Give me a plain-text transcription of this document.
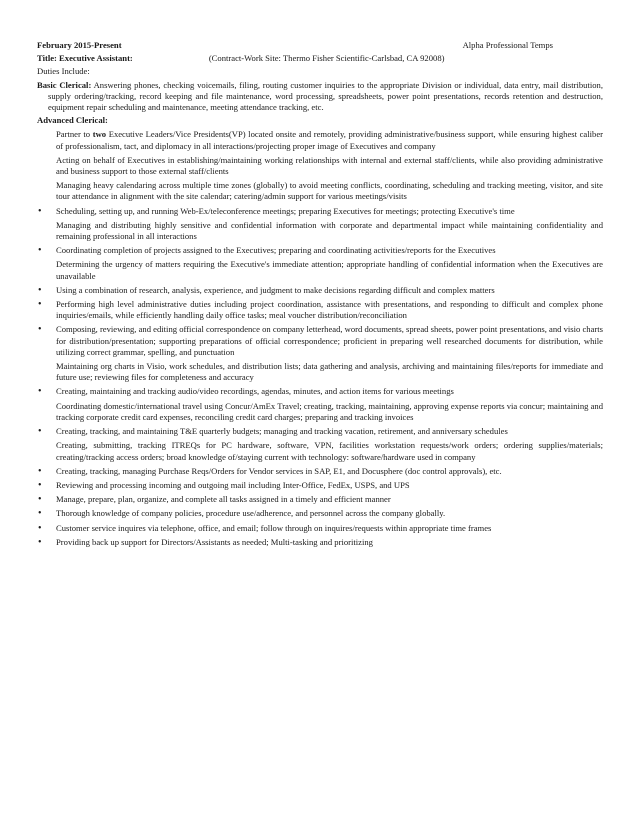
February 2015-Present	Alpha Professional Temps
Title: Executive Assistant:	(Contract-Work Site: Thermo Fisher Scientific-Carlsbad, CA 92008)
Duties Include:
Basic Clerical: Answering phones, checking voicemails, filing, routing customer inquiries to the appropriate Division or individual, data entry, mail distribution, supply ordering/tracking, record keeping and file maintenance, word processing, spreadsheets, power point presentations, records retention and destruction, equipment repair scheduling and maintenance, meeting attendance tracking, etc.
Advanced Clerical:
Partner to two Executive Leaders/Vice Presidents(VP) located onsite and remotely, providing administrative/business support, while ensuring highest caliber of professionalism, tact, and diplomacy in all interactions/projecting proper image of Executives and company
Acting on behalf of Executives in establishing/maintaining working relationships with internal and external staff/clients, while also providing administrative and business support to those external staff/clients
Managing heavy calendaring across multiple time zones (globally) to avoid meeting conflicts, coordinating, scheduling and tracking meeting, visitor, and site tour attendance in alignment with the site calendar; catering/admin support for various meetings/visits
• Scheduling, setting up, and running Web-Ex/teleconference meetings; preparing Executives for meetings; protecting Executive's time
Managing and distributing highly sensitive and confidential information with corporate and departmental impact while maintaining confidentiality and remaining professional in all interactions
• Coordinating completion of projects assigned to the Executives; preparing and coordinating activities/reports for the Executives
Determining the urgency of matters requiring the Executive's immediate attention; appropriate handling of confidential information when the Executives are unavailable
• Using a combination of research, analysis, experience, and judgment to make decisions regarding difficult and complex matters
• Performing high level administrative duties including project coordination, assistance with presentations, and responding to difficult and complex phone inquiries/emails, while efficiently handling daily office tasks; meal voucher distribution/reconciliation
• Composing, reviewing, and editing official correspondence on company letterhead, word documents, spread sheets, power point presentations, and visio charts for distribution/presentation; supporting preparations of official correspondence; proficient in preparing well researched documents for distribution, while utilizing correct grammar, spelling, and punctuation
Maintaining org charts in Visio, work schedules, and distribution lists; data gathering and analysis, archiving and maintaining files/reports for immediate and future use; reviewing files for completeness and accuracy
• Creating, maintaining and tracking audio/video recordings, agendas, minutes, and action items for various meetings
Coordinating domestic/international travel using Concur/AmEx Travel; creating, tracking, maintaining, approving expense reports via concur; maintaining and tracking corporate credit card expenses, reconciling credit card charges; preparing and tracking invoices
• Creating, tracking, and maintaining T&E quarterly budgets; managing and tracking vacation, retirement, and anniversary schedules
Creating, submitting, tracking ITREQs for PC hardware, software, VPN, facilities workstation requests/work orders; ordering supplies/materials; creating/tracking access orders; broad knowledge of/staying current with technology: software/hardware used in company
• Creating, tracking, managing Purchase Reqs/Orders for Vendor services in SAP, E1, and Docusphere (doc control approvals), etc.
• Reviewing and processing incoming and outgoing mail including Inter-Office, FedEx, USPS, and UPS
• Manage, prepare, plan, organize, and complete all tasks assigned in a timely and efficient manner
• Thorough knowledge of company policies, procedure use/adherence, and personnel across the company globally.
• Customer service inquires via telephone, office, and email; follow through on inquires/requests within appropriate time frames
• Providing back up support for Directors/Assistants as needed; Multi-tasking and prioritizing
